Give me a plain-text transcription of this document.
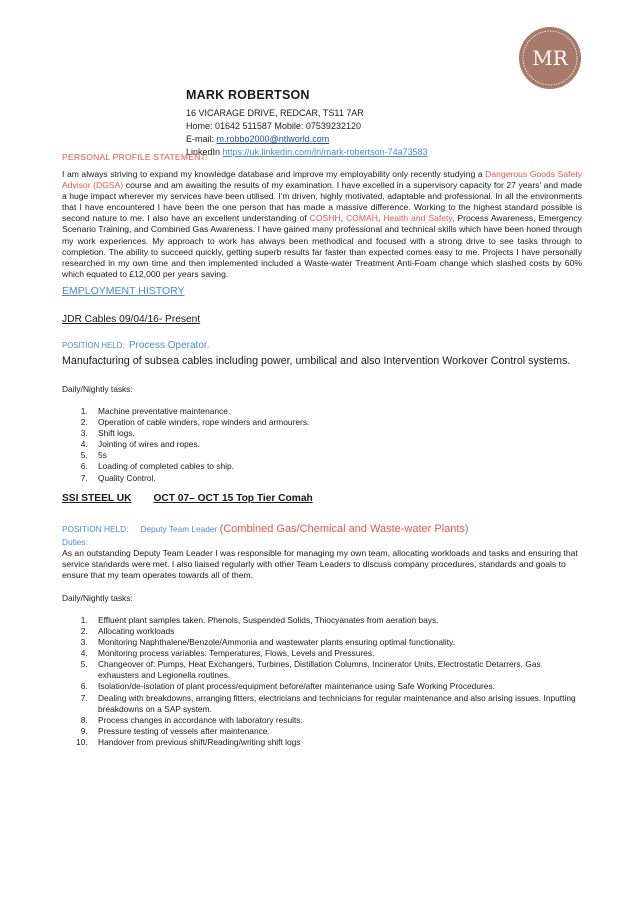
MR
MARK ROBERTSON
16 VICARAGE DRIVE, REDCAR, TS11 7AR
Home: 01642 511587 Mobile: 07539232120
E-mail: m.robbo2000@ntlworld.com
LinkedIn https://uk.linkedin.com/in/mark-robertson-74a73583
PERSONAL PROFILE STATEMENT:
I am always striving to expand my knowledge database and improve my employability only recently studying a Dangerous Goods Safety Advisor (DGSA) course and am awaiting the results of my examination. I have excelled in a supervisory capacity for 27 years' and made a huge impact wherever my services have been utilised. I'm driven, highly motivated, adaptable and professional. In all the environments that I have encountered I have been the one person that has made a massive difference. Working to the highest standard possible is second nature to me. I also have an excellent understanding of COSHH, COMAH, Health and Safety, Process Awareness, Emergency Scenario Training, and Combined Gas Awareness. I have gained many professional and technical skills which have been honed through my work experiences. My approach to work has always been methodical and focused with a strong drive to see tasks through to completion. The ability to succeed quickly, getting superb results far faster than expected comes easy to me. Projects I have personally researched in my own time and then implemented included a Waste-water Treatment Anti-Foam change which slashed costs by 60% which equated to £12,000 per years saving.
EMPLOYMENT HISTORY
JDR Cables 09/04/16- Present
POSITION HELD: Process Operator.
Manufacturing of subsea cables including power, umbilical and also Intervention Workover Control systems.
Daily/Nightly tasks:
1. Machine preventative maintenance.
2. Operation of cable winders, rope winders and armourers.
3. Shift logs.
4. Jointing of wires and ropes.
5. 5s
6. Loading of completed cables to ship.
7. Quality Control.
SSI STEEL UK OCT 07– OCT 15 Top Tier Comah
POSITION HELD: Deputy Team Leader (Combined Gas/Chemical and Waste-water Plants)
Duties:
As an outstanding Deputy Team Leader I was responsible for managing my own team, allocating workloads and tasks and ensuring that service standards were met. I also liaised regularly with other Team Leaders to discuss company procedures, standards and goals to ensure that my team operates towards all of them.
Daily/Nightly tasks:
1. Effluent plant samples taken. Phenols, Suspended Solids, Thiocyanates from aeration bays.
2. Allocating workloads
3. Monitoring Naphthalene/Benzole/Ammonia and wastewater plants ensuring optimal functionality.
4. Monitoring process variables: Temperatures, Flows, Levels and Pressures.
5. Changeover of: Pumps, Heat Exchangers, Turbines, Distillation Columns, Incinerator Units, Electrostatic Detarrers, Gas exhausters and Legionella routines.
6. Isolation/de-isolation of plant process/equipment before/after maintenance using Safe Working Procedures.
7. Dealing with breakdowns, arranging fitters, electricians and technicians for regular maintenance and also arising issues. Inputting breakdowns on a SAP system.
8. Process changes in accordance with laboratory results.
9. Pressure testing of vessels after maintenance.
10. Handover from previous shift/Reading/writing shift logs
